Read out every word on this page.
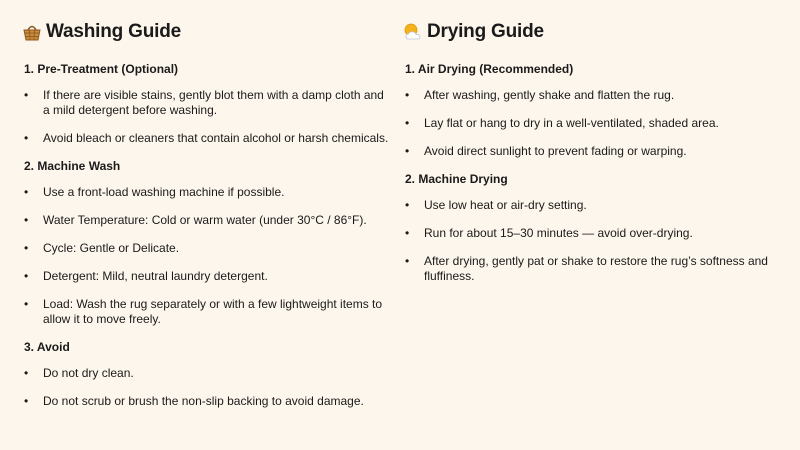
Washing Guide
1. Pre-Treatment (Optional)
• If there are visible stains, gently blot them with a damp cloth and a mild detergent before washing.
• Avoid bleach or cleaners that contain alcohol or harsh chemicals.
2. Machine Wash
• Use a front-load washing machine if possible.
• Water Temperature: Cold or warm water (under 30°C / 86°F).
• Cycle: Gentle or Delicate.
• Detergent: Mild, neutral laundry detergent.
• Load: Wash the rug separately or with a few lightweight items to allow it to move freely.
3. Avoid
• Do not dry clean.
• Do not scrub or brush the non-slip backing to avoid damage.
Drying Guide
1. Air Drying (Recommended)
• After washing, gently shake and flatten the rug.
• Lay flat or hang to dry in a well-ventilated, shaded area.
• Avoid direct sunlight to prevent fading or warping.
2. Machine Drying
• Use low heat or air-dry setting.
• Run for about 15–30 minutes — avoid over-drying.
• After drying, gently pat or shake to restore the rug’s softness and fluffiness.
